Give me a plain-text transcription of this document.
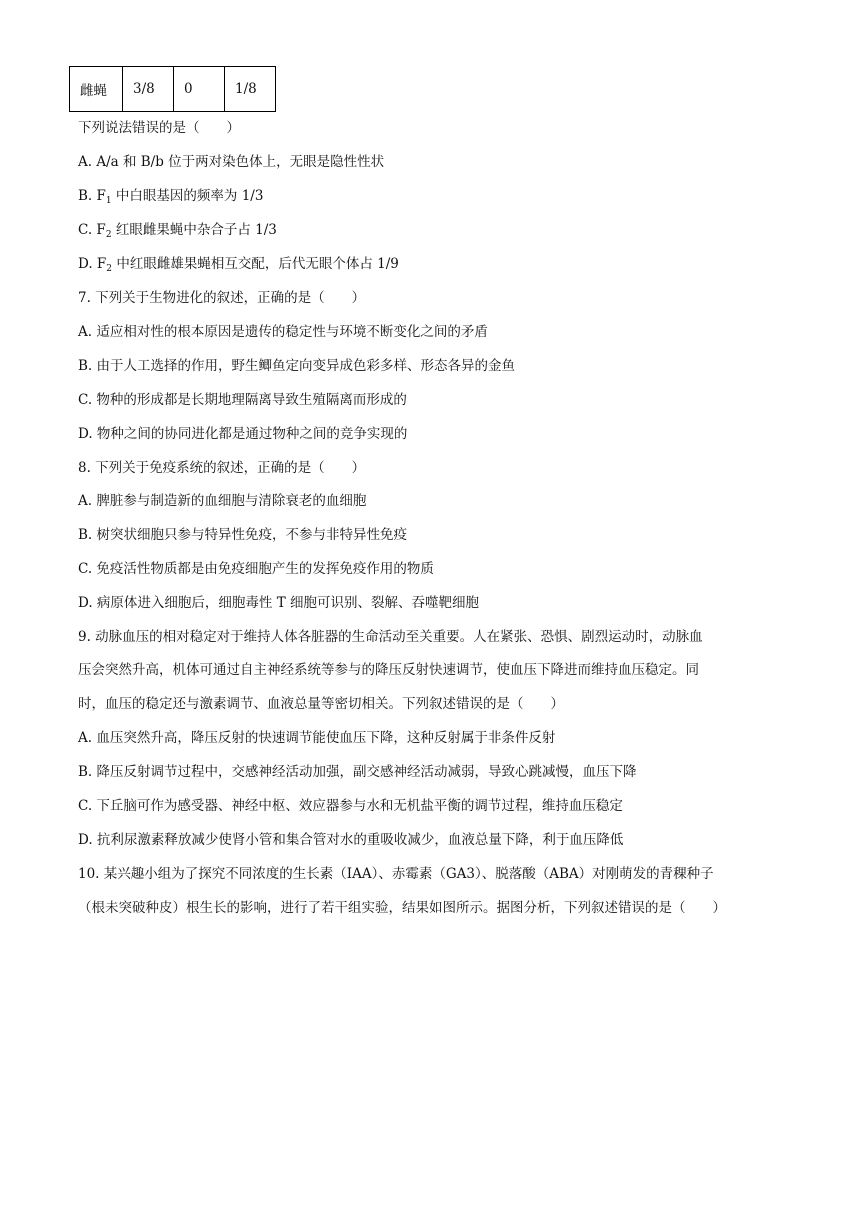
雌蝇	3/8	0	1/8
下列说法错误的是（　　）
A. A/a 和 B/b 位于两对染色体上，无眼是隐性性状
B. $F_1$ 中白眼基因的频率为 1/3
C. $F_2$ 红眼雌果蝇中杂合子占 1/3
D. $F_2$ 中红眼雌雄果蝇相互交配，后代无眼个体占 1/9
7. 下列关于生物进化的叙述，正确的是（　　）
A. 适应相对性的根本原因是遗传的稳定性与环境不断变化之间的矛盾
B. 由于人工选择的作用，野生鲫鱼定向变异成色彩多样、形态各异的金鱼
C. 物种的形成都是长期地理隔离导致生殖隔离而形成的
D. 物种之间的协同进化都是通过物种之间的竞争实现的
8. 下列关于免疫系统的叙述，正确的是（　　）
A. 脾脏参与制造新的血细胞与清除衰老的血细胞
B. 树突状细胞只参与特异性免疫，不参与非特异性免疫
C. 免疫活性物质都是由免疫细胞产生的发挥免疫作用的物质
D. 病原体进入细胞后，细胞毒性 T 细胞可识别、裂解、吞噬靶细胞
9. 动脉血压的相对稳定对于维持人体各脏器的生命活动至关重要。人在紧张、恐惧、剧烈运动时，动脉血
压会突然升高，机体可通过自主神经系统等参与的降压反射快速调节，使血压下降进而维持血压稳定。同
时，血压的稳定还与激素调节、血液总量等密切相关。下列叙述错误的是（　　）
A. 血压突然升高，降压反射的快速调节能使血压下降，这种反射属于非条件反射
B. 降压反射调节过程中，交感神经活动加强，副交感神经活动减弱，导致心跳减慢，血压下降
C. 下丘脑可作为感受器、神经中枢、效应器参与水和无机盐平衡的调节过程，维持血压稳定
D. 抗利尿激素释放减少使肾小管和集合管对水的重吸收减少，血液总量下降，利于血压降低
10. 某兴趣小组为了探究不同浓度的生长素（IAA）、赤霉素（GA3）、脱落酸（ABA）对刚萌发的青稞种子
（根未突破种皮）根生长的影响，进行了若干组实验，结果如图所示。据图分析，下列叙述错误的是（　　）
